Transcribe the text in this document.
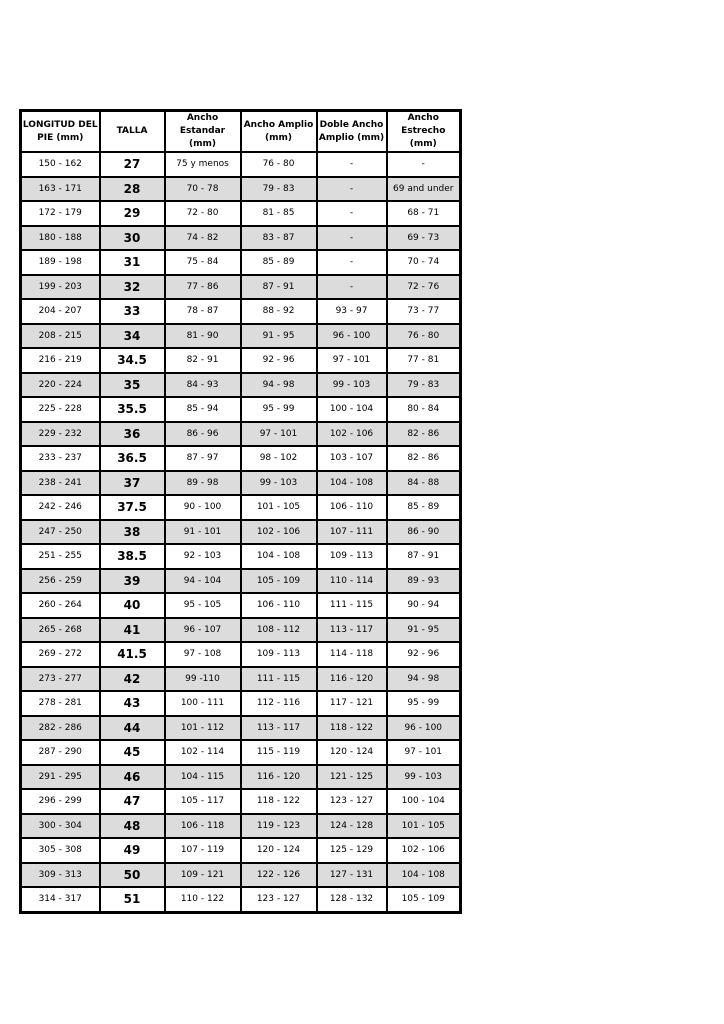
LONGITUD DEL PIE (mm)	TALLA	Ancho Estandar (mm)	Ancho Amplio (mm)	Doble Ancho Amplio (mm)	Ancho Estrecho (mm)
150 - 162	27	75 y menos	76 - 80	-	-
163 - 171	28	70 - 78	79 - 83	-	69 and under
172 - 179	29	72 - 80	81 - 85	-	68 - 71
180 - 188	30	74 - 82	83 - 87	-	69 - 73
189 - 198	31	75 - 84	85 - 89	-	70 - 74
199 - 203	32	77 - 86	87 - 91	-	72 - 76
204 - 207	33	78 - 87	88 - 92	93 - 97	73 - 77
208 - 215	34	81 - 90	91 - 95	96 - 100	76 - 80
216 - 219	34.5	82 - 91	92 - 96	97 - 101	77 - 81
220 - 224	35	84 - 93	94 - 98	99 - 103	79 - 83
225 - 228	35.5	85 - 94	95 - 99	100 - 104	80 - 84
229 - 232	36	86 - 96	97 - 101	102 - 106	82 - 86
233 - 237	36.5	87 - 97	98 - 102	103 - 107	82 - 86
238 - 241	37	89 - 98	99 - 103	104 - 108	84 - 88
242 - 246	37.5	90 - 100	101 - 105	106 - 110	85 - 89
247 - 250	38	91 - 101	102 - 106	107 - 111	86 - 90
251 - 255	38.5	92 - 103	104 - 108	109 - 113	87 - 91
256 - 259	39	94 - 104	105 - 109	110 - 114	89 - 93
260 - 264	40	95 - 105	106 - 110	111 - 115	90 - 94
265 - 268	41	96 - 107	108 - 112	113 - 117	91 - 95
269 - 272	41.5	97 - 108	109 - 113	114 - 118	92 - 96
273 - 277	42	99 -110	111 - 115	116 - 120	94 - 98
278 - 281	43	100 - 111	112 - 116	117 - 121	95 - 99
282 - 286	44	101 - 112	113 - 117	118 - 122	96 - 100
287 - 290	45	102 - 114	115 - 119	120 - 124	97 - 101
291 - 295	46	104 - 115	116 - 120	121 - 125	99 - 103
296 - 299	47	105 - 117	118 - 122	123 - 127	100 - 104
300 - 304	48	106 - 118	119 - 123	124 - 128	101 - 105
305 - 308	49	107 - 119	120 - 124	125 - 129	102 - 106
309 - 313	50	109 - 121	122 - 126	127 - 131	104 - 108
314 - 317	51	110 - 122	123 - 127	128 - 132	105 - 109
